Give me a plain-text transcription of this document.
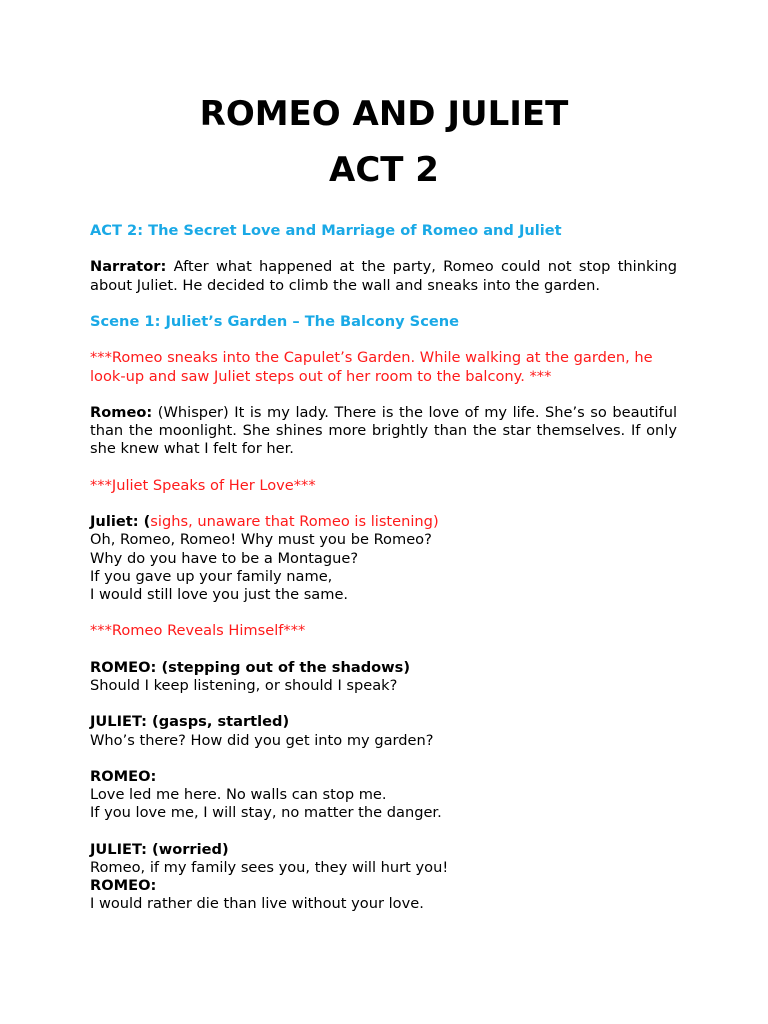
ROMEO AND JULIET
ACT 2

ACT 2: The Secret Love and Marriage of Romeo and Juliet

Narrator: After what happened at the party, Romeo could not stop thinking about Juliet. He decided to climb the wall and sneaks into the garden.

Scene 1: Juliet’s Garden – The Balcony Scene

***Romeo sneaks into the Capulet’s Garden. While walking at the garden, he look-up and saw Juliet steps out of her room to the balcony. ***

Romeo: (Whisper) It is my lady. There is the love of my life. She’s so beautiful than the moonlight. She shines more brightly than the star themselves. If only she knew what I felt for her.

***Juliet Speaks of Her Love***

Juliet: (sighs, unaware that Romeo is listening)
Oh, Romeo, Romeo! Why must you be Romeo?
Why do you have to be a Montague?
If you gave up your family name,
I would still love you just the same.

***Romeo Reveals Himself***

ROMEO: (stepping out of the shadows)
Should I keep listening, or should I speak?

JULIET: (gasps, startled)
Who’s there? How did you get into my garden?

ROMEO:
Love led me here. No walls can stop me.
If you love me, I will stay, no matter the danger.

JULIET: (worried)
Romeo, if my family sees you, they will hurt you!

ROMEO:
I would rather die than live without your love.
